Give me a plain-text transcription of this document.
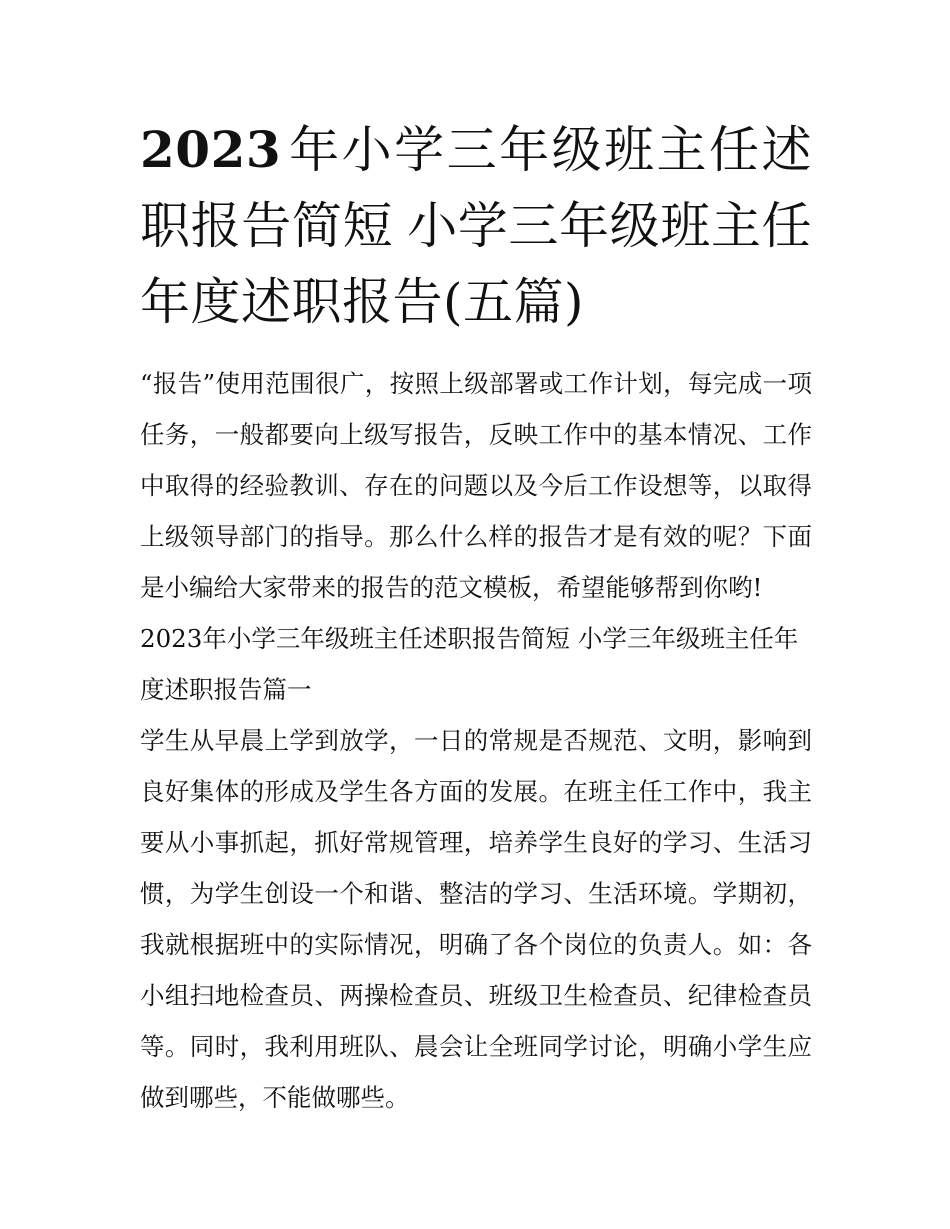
2023 年小学三年级班主任述职报告简短 小学三年级班主任年度述职报告(五篇)

“报告”使用范围很广，按照上级部署或工作计划，每完成一项任务，一般都要向上级写报告，反映工作中的基本情况、工作中取得的经验教训、存在的问题以及今后工作设想等，以取得上级领导部门的指导。那么什么样的报告才是有效的呢？下面是小编给大家带来的报告的范文模板，希望能够帮到你哟!

2023年小学三年级班主任述职报告简短 小学三年级班主任年度述职报告篇一

学生从早晨上学到放学，一日的常规是否规范、文明，影响到良好集体的形成及学生各方面的发展。在班主任工作中，我主要从小事抓起，抓好常规管理，培养学生良好的学习、生活习惯，为学生创设一个和谐、整洁的学习、生活环境。学期初，我就根据班中的实际情况，明确了各个岗位的负责人。如：各小组扫地检查员、两操检查员、班级卫生检查员、纪律检查员等。同时，我利用班队、晨会让全班同学讨论，明确小学生应做到哪些，不能做哪些。
